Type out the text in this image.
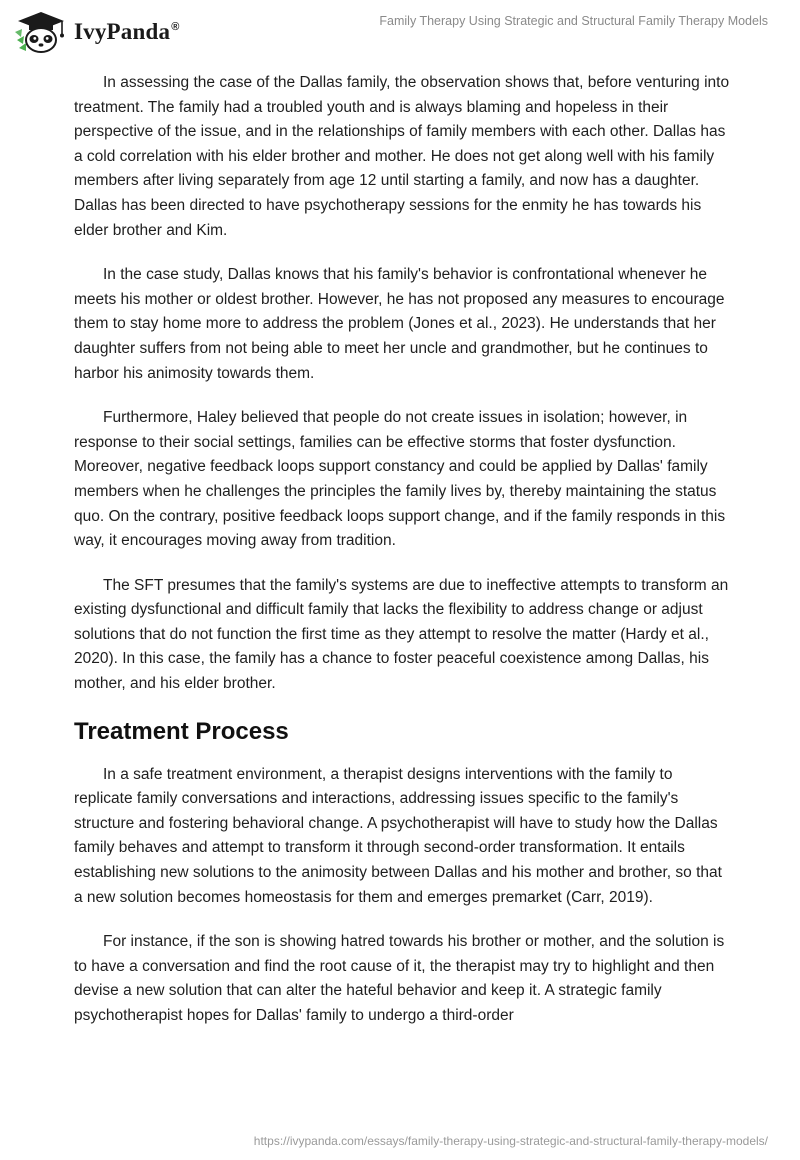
IvyPanda®	Family Therapy Using Strategic and Structural Family Therapy Models

In assessing the case of the Dallas family, the observation shows that, before venturing into treatment. The family had a troubled youth and is always blaming and hopeless in their perspective of the issue, and in the relationships of family members with each other. Dallas has a cold correlation with his elder brother and mother. He does not get along well with his family members after living separately from age 12 until starting a family, and now has a daughter. Dallas has been directed to have psychotherapy sessions for the enmity he has towards his elder brother and Kim.

In the case study, Dallas knows that his family's behavior is confrontational whenever he meets his mother or oldest brother. However, he has not proposed any measures to encourage them to stay home more to address the problem (Jones et al., 2023). He understands that her daughter suffers from not being able to meet her uncle and grandmother, but he continues to harbor his animosity towards them.

Furthermore, Haley believed that people do not create issues in isolation; however, in response to their social settings, families can be effective storms that foster dysfunction. Moreover, negative feedback loops support constancy and could be applied by Dallas' family members when he challenges the principles the family lives by, thereby maintaining the status quo. On the contrary, positive feedback loops support change, and if the family responds in this way, it encourages moving away from tradition.

The SFT presumes that the family's systems are due to ineffective attempts to transform an existing dysfunctional and difficult family that lacks the flexibility to address change or adjust solutions that do not function the first time as they attempt to resolve the matter (Hardy et al., 2020). In this case, the family has a chance to foster peaceful coexistence among Dallas, his mother, and his elder brother.

Treatment Process

In a safe treatment environment, a therapist designs interventions with the family to replicate family conversations and interactions, addressing issues specific to the family's structure and fostering behavioral change. A psychotherapist will have to study how the Dallas family behaves and attempt to transform it through second-order transformation. It entails establishing new solutions to the animosity between Dallas and his mother and brother, so that a new solution becomes homeostasis for them and emerges premarket (Carr, 2019).

For instance, if the son is showing hatred towards his brother or mother, and the solution is to have a conversation and find the root cause of it, the therapist may try to highlight and then devise a new solution that can alter the hateful behavior and keep it. A strategic family psychotherapist hopes for Dallas' family to undergo a third-order

https://ivypanda.com/essays/family-therapy-using-strategic-and-structural-family-therapy-models/
